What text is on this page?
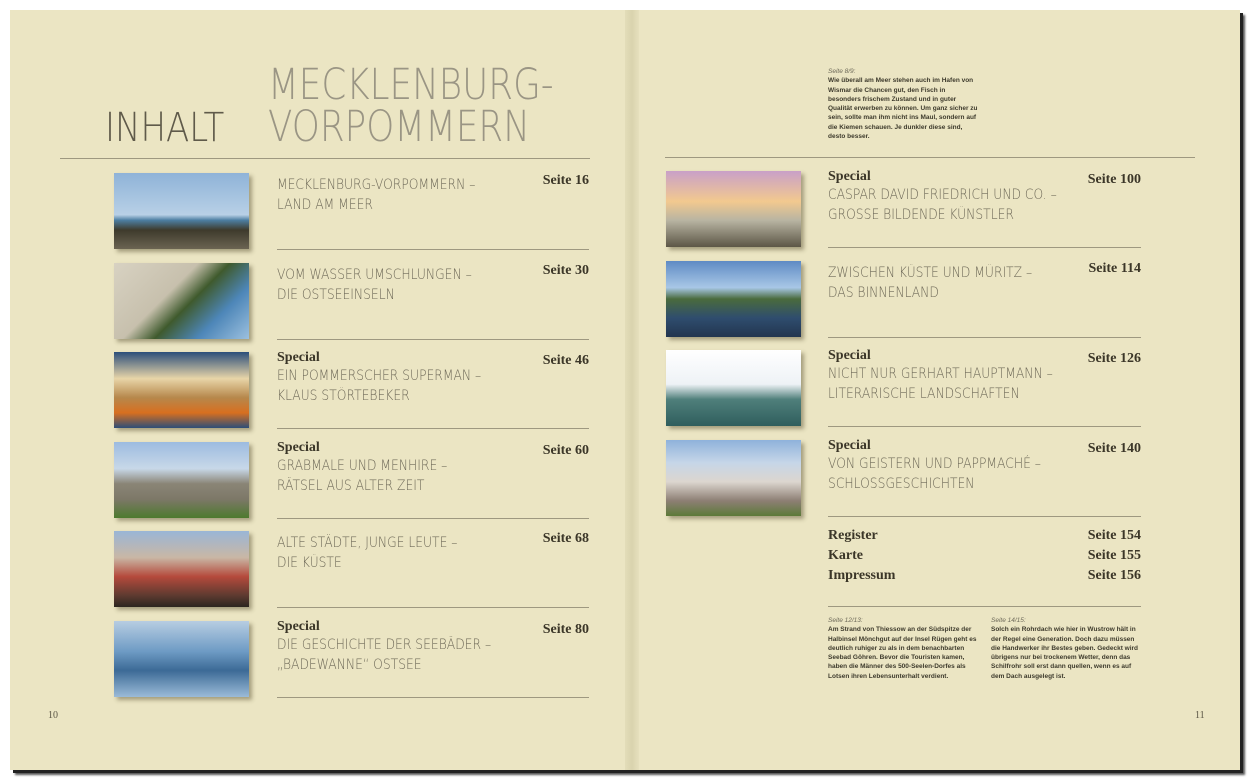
INHALT
MECKLENBURG-
VORPOMMERN
Seite 8/9:
Wie überall am Meer stehen auch im Hafen von Wismar die Chancen gut, den Fisch in besonders frischem Zustand und in guter Qualität erwerben zu können. Um ganz sicher zu sein, sollte man ihm nicht ins Maul, sondern auf die Kiemen schauen. Je dunkler diese sind, desto besser.
Seite 12/13:
Am Strand von Thiessow an der Südspitze der Halbinsel Mönchgut auf der Insel Rügen geht es deutlich ruhiger zu als in dem benachbarten Seebad Göhren. Bevor die Touristen kamen, haben die Männer des 500-Seelen-Dorfes als Lotsen ihren Lebensunterhalt verdient.
Seite 14/15:
Solch ein Rohrdach wie hier in Wustrow hält in der Regel eine Generation. Doch dazu müssen die Handwerker ihr Bestes geben. Gedeckt wird übrigens nur bei trockenem Wetter, denn das Schilfrohr soll erst dann quellen, wenn es auf dem Dach ausgelegt ist.
10	11
MECKLENBURG-VORPOMMERN –
LAND AM MEER
Seite 16
VOM WASSER UMSCHLUNGEN –
DIE OSTSEEINSELN
Seite 30
Special
EIN POMMERSCHER SUPERMAN –
KLAUS STÖRTEBEKER
Seite 46
Special
GRABMALE UND MENHIRE –
RÄTSEL AUS ALTER ZEIT
Seite 60
ALTE STÄDTE, JUNGE LEUTE –
DIE KÜSTE
Seite 68
Special
DIE GESCHICHTE DER SEEBÄDER –
„BADEWANNE“ OSTSEE
Seite 80
Special
CASPAR DAVID FRIEDRICH UND CO. –
GROSSE BILDENDE KÜNSTLER
Seite 100
ZWISCHEN KÜSTE UND MÜRITZ –
DAS BINNENLAND
Seite 114
Special
NICHT NUR GERHART HAUPTMANN –
LITERARISCHE LANDSCHAFTEN
Seite 126
Special
VON GEISTERN UND PAPPMACHÉ –
SCHLOSSGESCHICHTEN
Seite 140
Register	Seite 154
Karte	Seite 155
Impressum	Seite 156
